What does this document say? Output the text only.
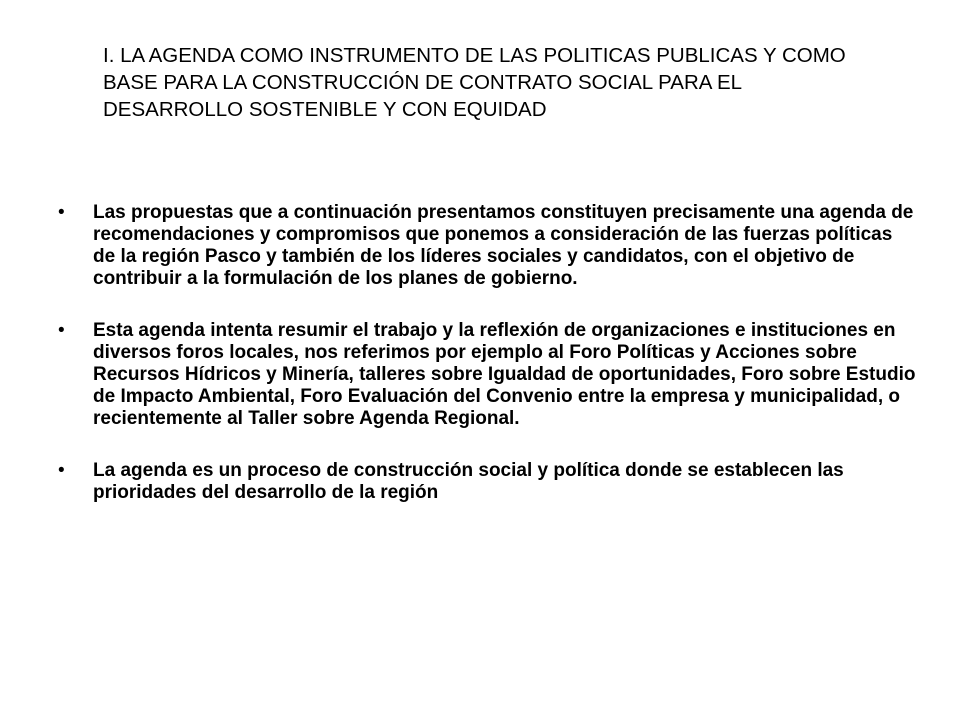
I. LA AGENDA COMO INSTRUMENTO DE LAS POLITICAS PUBLICAS Y COMO BASE PARA LA CONSTRUCCIÓN DE CONTRATO SOCIAL PARA EL DESARROLLO SOSTENIBLE Y CON EQUIDAD
• Las propuestas que a continuación presentamos constituyen precisamente una agenda de recomendaciones y compromisos que ponemos a consideración de las fuerzas políticas de la región Pasco y también de los líderes sociales y candidatos, con el objetivo de contribuir a la formulación de los planes de gobierno.
• Esta agenda intenta resumir el trabajo y la reflexión de organizaciones e instituciones en diversos foros locales, nos referimos por ejemplo al Foro Políticas y Acciones sobre Recursos Hídricos y Minería, talleres sobre Igualdad de oportunidades, Foro sobre Estudio de Impacto Ambiental, Foro Evaluación del Convenio entre la empresa y municipalidad, o recientemente al Taller sobre Agenda Regional.
• La agenda es un proceso de construcción social y política donde se establecen las prioridades del desarrollo de la región
